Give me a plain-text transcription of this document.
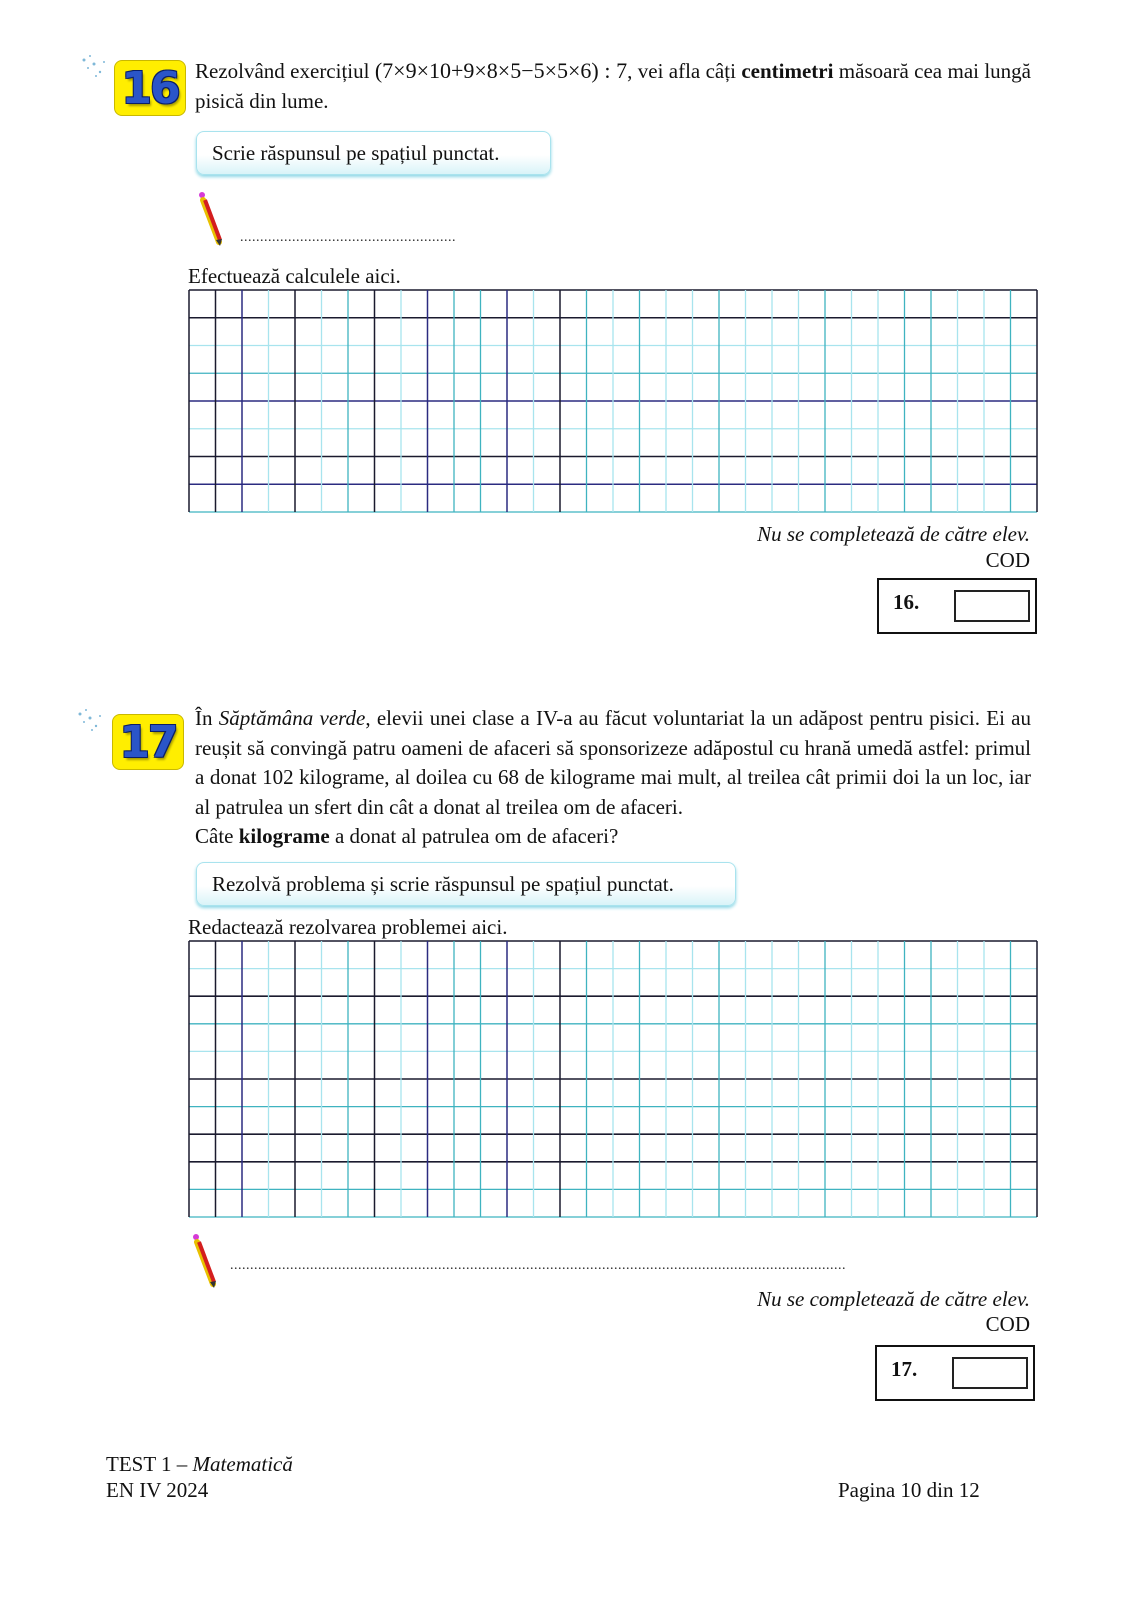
16 Rezolvând exercițiul (7×9×10+9×8×5−5×5×6) : 7, vei afla câți centimetri măsoară cea mai lungă pisică din lume.
Scrie răspunsul pe spațiul punctat.
......................................................
Efectuează calculele aici.
Nu se completează de către elev.
COD
16.
17 În Săptămâna verde, elevii unei clase a IV-a au făcut voluntariat la un adăpost pentru pisici. Ei au reușit să convingă patru oameni de afaceri să sponsorizeze adăpostul cu hrană umedă astfel: primul a donat 102 kilograme, al doilea cu 68 de kilograme mai mult, al treilea cât primii doi la un loc, iar al patrulea un sfert din cât a donat al treilea om de afaceri.
Câte kilograme a donat al patrulea om de afaceri?
Rezolvă problema și scrie răspunsul pe spațiul punctat.
Redactează rezolvarea problemei aici.
..........................................................................................................................................................
Nu se completează de către elev.
COD
17.
TEST 1 – Matematică
EN IV 2024	Pagina 10 din 12
